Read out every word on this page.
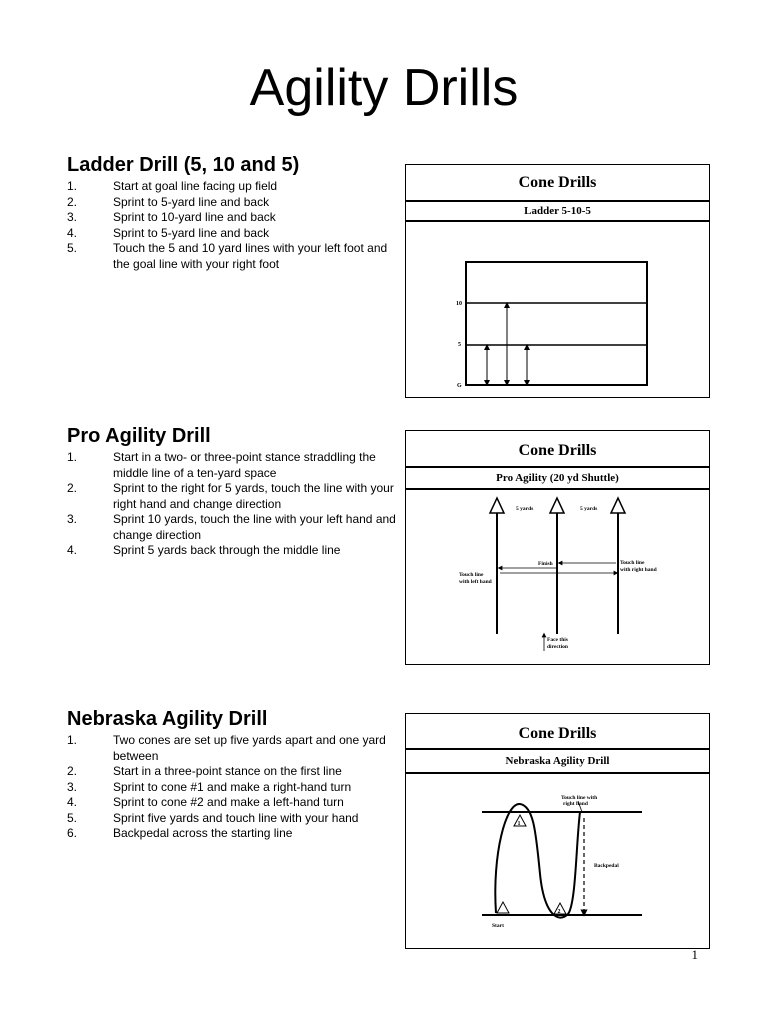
Agility Drills
Ladder Drill (5, 10 and 5)
1.	Start at goal line facing up field
2.	Sprint to 5-yard line and back
3.	Sprint to 10-yard line and back
4.	Sprint to 5-yard line and back
5.	Touch the 5 and 10 yard lines with your left foot and the goal line with your right foot
Pro Agility Drill
1.	Start in a two- or three-point stance straddling the middle line of a ten-yard space
2.	Sprint to the right for 5 yards, touch the line with your right hand and change direction
3.	Sprint 10 yards, touch the line with your left hand and change direction
4.	Sprint 5 yards back through the middle line
Nebraska Agility Drill
1.	Two cones are set up five yards apart and one yard between
2.	Start in a three-point stance on the first line
3.	Sprint to cone #1 and make a right-hand turn
4.	Sprint to cone #2 and make a left-hand turn
5.	Sprint five yards and touch line with your hand
6.	Backpedal across the starting line
Cone Drills
Ladder 5-10-5
10
5
G
Cone Drills
Pro Agility (20 yd Shuttle)
5 yards	5 yards
Finish	Touch line
with right hand
Touch line
with left hand
Face this
direction
Cone Drills
Nebraska Agility Drill
1
2
Touch line with
right hand
Backpedal
Start
1
